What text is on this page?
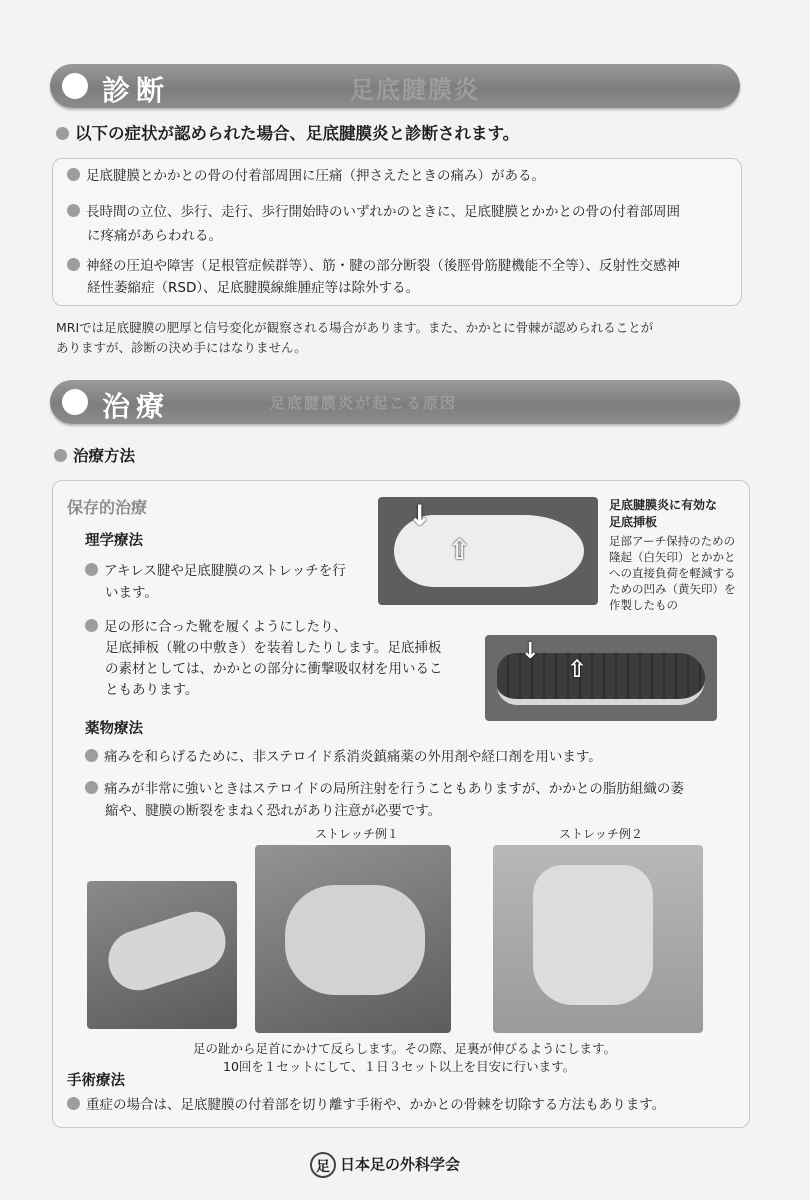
診断	足底腱膜炎
以下の症状が認められた場合、足底腱膜炎と診断されます。
足底腱膜とかかとの骨の付着部周囲に圧痛（押さえたときの痛み）がある。
長時間の立位、歩行、走行、歩行開始時のいずれかのときに、足底腱膜とかかとの骨の付着部周囲
に疼痛があらわれる。
神経の圧迫や障害（足根管症候群等）、筋・腱の部分断裂（後脛骨筋腱機能不全等）、反射性交感神
経性萎縮症（RSD）、足底腱膜線維腫症等は除外する。
MRIでは足底腱膜の肥厚と信号変化が観察される場合があります。また、かかとに骨棘が認められることが
ありますが、診断の決め手にはなりません。
治療	足底腱膜炎が起こる原因
治療方法
保存的治療
理学療法
アキレス腱や足底腱膜のストレッチを行
います。
足の形に合った靴を履くようにしたり、
足底挿板（靴の中敷き）を装着したりします。足底挿板
の素材としては、かかとの部分に衝撃吸収材を用いるこ
ともあります。
↓
⇧
足底腱膜炎に有効な
足底挿板
足部アーチ保持のための
隆起（白矢印）とかかと
への直接負荷を軽減する
ための凹み（黄矢印）を
作製したもの
↓
⇧
薬物療法
痛みを和らげるために、非ステロイド系消炎鎮痛薬の外用剤や経口剤を用います。
痛みが非常に強いときはステロイドの局所注射を行うこともありますが、かかとの脂肪組織の萎
縮や、腱膜の断裂をまねく恐れがあり注意が必要です。
ストレッチ例１	ストレッチ例２
足の趾から足首にかけて反らします。その際、足裏が伸びるようにします。
10回を１セットにして、１日３セット以上を目安に行います。
手術療法
重症の場合は、足底腱膜の付着部を切り離す手術や、かかとの骨棘を切除する方法もあります。
足 日本足の外科学会
